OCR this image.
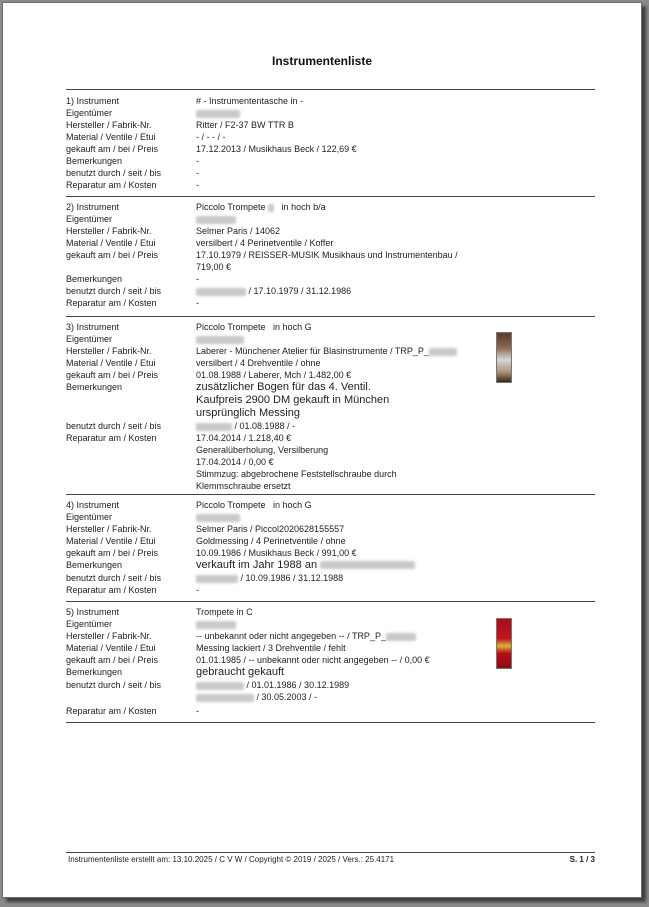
Instrumentenliste
1) Instrument	# - Instrumententasche in -
Eigentümer
Hersteller / Fabrik-Nr.	Ritter / F2-37 BW TTR B
Material / Ventile / Etui	- / - - / -
gekauft am / bei / Preis	17.12.2013 / Musikhaus Beck / 122,69 €
Bemerkungen	-
benutzt durch / seit / bis	-
Reparatur am / Kosten	-
2) Instrument	Piccolo Trompete in hoch b/a
Eigentümer
Hersteller / Fabrik-Nr.	Selmer Paris / 14062
Material / Ventile / Etui	versilbert / 4 Perinetventile / Koffer
gekauft am / bei / Preis	17.10.1979 / REISSER-MUSIK Musikhaus und Instrumentenbau /
719,00 €
Bemerkungen	-
benutzt durch / seit / bis	/ 17.10.1979 / 31.12.1986
Reparatur am / Kosten	-
3) Instrument	Piccolo Trompete in hoch G
Eigentümer
Hersteller / Fabrik-Nr.	Laberer - Münchener Atelier für Blasinstrumente / TRP_P_
Material / Ventile / Etui	versilbert / 4 Drehventile / ohne
gekauft am / bei / Preis	01.08.1988 / Laberer, Mch / 1.482,00 €
Bemerkungen	zusätzlicher Bogen für das 4. Ventil.
Kaufpreis 2900 DM gekauft in München
ursprünglich Messing
benutzt durch / seit / bis	/ 01.08.1988 / -
Reparatur am / Kosten	17.04.2014 / 1.218,40 €
Generalüberholung, Versilberung
17.04.2014 / 0,00 €
Stimmzug: abgebrochene Feststellschraube durch
Klemmschraube ersetzt
4) Instrument	Piccolo Trompete in hoch G
Eigentümer
Hersteller / Fabrik-Nr.	Selmer Paris / Piccol2020628155557
Material / Ventile / Etui	Goldmessing / 4 Perinetventile / ohne
gekauft am / bei / Preis	10.09.1986 / Musikhaus Beck / 991,00 €
Bemerkungen	verkauft im Jahr 1988 an
benutzt durch / seit / bis	/ 10.09.1986 / 31.12.1988
Reparatur am / Kosten	-
5) Instrument	Trompete in C
Eigentümer
Hersteller / Fabrik-Nr.	-- unbekannt oder nicht angegeben -- / TRP_P_
Material / Ventile / Etui	Messing lackiert / 3 Drehventile / fehlt
gekauft am / bei / Preis	01.01.1985 / -- unbekannt oder nicht angegeben -- / 0,00 €
Bemerkungen	gebraucht gekauft
benutzt durch / seit / bis	/ 01.01.1986 / 30.12.1989
/ 30.05.2003 / -
Reparatur am / Kosten	-
Instrumentenliste erstellt am: 13.10.2025 / C V W / Copyright © 2019 / 2025 / Vers.: 25.4171	S. 1 / 3
